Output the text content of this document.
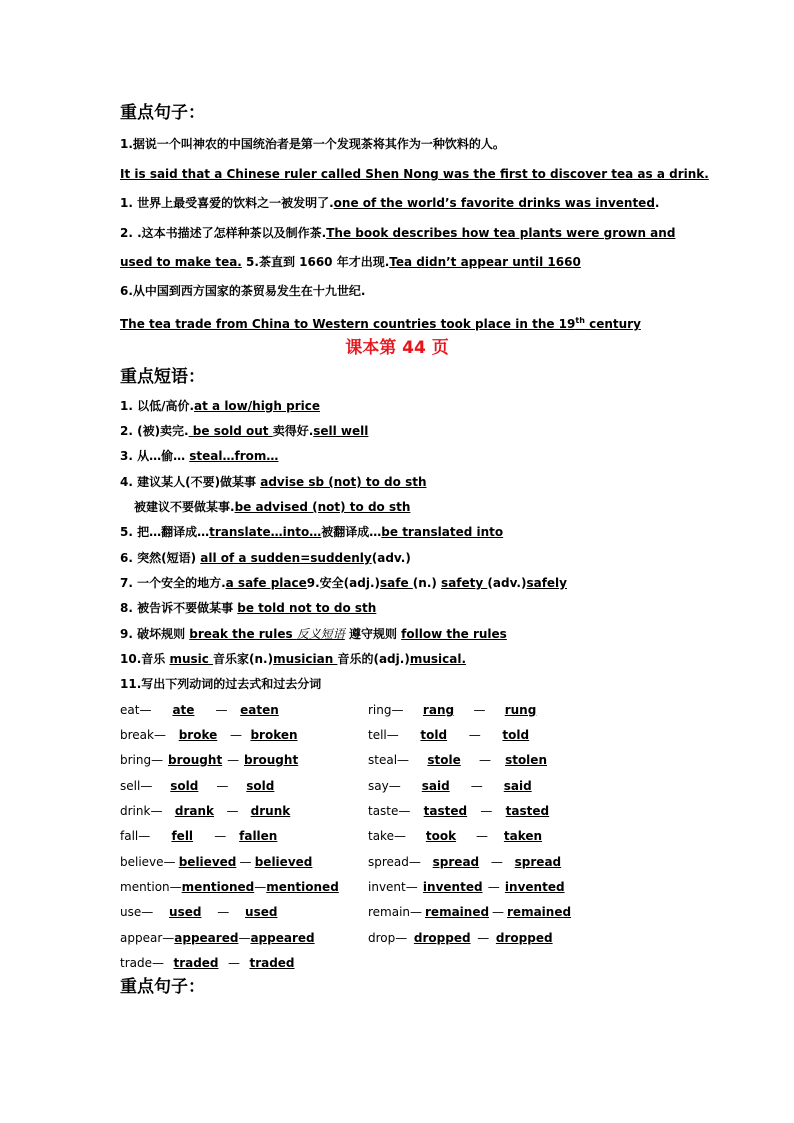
重点句子：
1.据说一个叫神农的中国统治者是第一个发现茶将其作为一种饮料的人。
It is said that a Chinese ruler called Shen Nong was the first to discover tea as a drink.
1. 世界上最受喜爱的饮料之一被发明了.one of the world’s favorite drinks was invented.
2. .这本书描述了怎样种茶以及制作茶.The book describes how tea plants were grown and
used to make tea. 5.茶直到 1660 年才出现.Tea didn’t appear until 1660
6.从中国到西方国家的茶贸易发生在十九世纪.
The tea trade from China to Western countries took place in the 19th century
课本第 44 页
重点短语：
1. 以低/高价.at a low/high price
2. (被)卖完. be sold out 卖得好.sell well
3. 从…偷… steal…from…
4. 建议某人(不要)做某事 advise sb (not) to do sth
被建议不要做某事.be advised (not) to do sth
5. 把…翻译成…translate…into…被翻译成…be translated into
6. 突然(短语) all of a sudden=suddenly(adv.)
7. 一个安全的地方.a safe place9.安全(adj.)safe (n.) safety (adv.)safely
8. 被告诉不要做某事 be told not to do sth
9. 破坏规则 break the rules 反义短语 遵守规则 follow the rules
10.音乐 music 音乐家(n.)musician 音乐的(adj.)musical.
11.写出下列动词的过去式和过去分词
eat— ate — eaten
break— broke — broken
bring— brought — brought
sell— sold — sold
drink— drank — drunk
fall— fell — fallen
believe— believed — believed
mention—mentioned—mentioned
use— used — used
appear—appeared—appeared
trade— traded — traded
ring— rang — rung
tell— told — told
steal— stole — stolen
say— said — said
taste— tasted — tasted
take— took — taken
spread— spread — spread
invent— invented — invented
remain— remained — remained
drop— dropped — dropped
重点句子：
